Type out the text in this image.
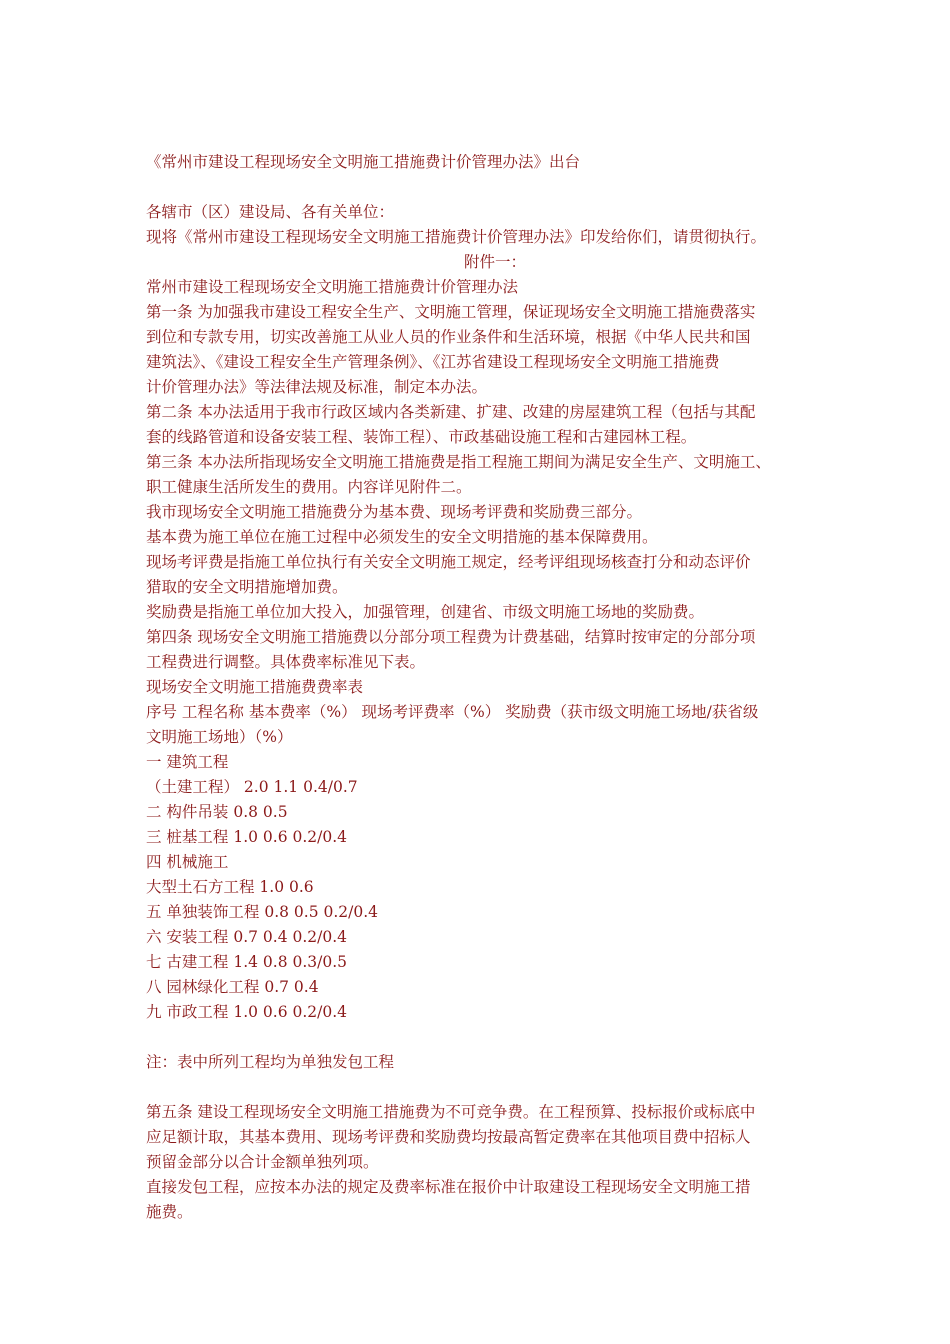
《常州市建设工程现场安全文明施工措施费计价管理办法》出台
各辖市（区）建设局、各有关单位：
现将《常州市建设工程现场安全文明施工措施费计价管理办法》印发给你们，请贯彻执行。
附件一：
常州市建设工程现场安全文明施工措施费计价管理办法
第一条 为加强我市建设工程安全生产、文明施工管理，保证现场安全文明施工措施费落实
到位和专款专用，切实改善施工从业人员的作业条件和生活环境，根据《中华人民共和国
建筑法》、《建设工程安全生产管理条例》、《江苏省建设工程现场安全文明施工措施费
计价管理办法》等法律法规及标准，制定本办法。
第二条 本办法适用于我市行政区域内各类新建、扩建、改建的房屋建筑工程（包括与其配
套的线路管道和设备安装工程、装饰工程）、市政基础设施工程和古建园林工程。
第三条 本办法所指现场安全文明施工措施费是指工程施工期间为满足安全生产、文明施工、
职工健康生活所发生的费用。内容详见附件二。
我市现场安全文明施工措施费分为基本费、现场考评费和奖励费三部分。
基本费为施工单位在施工过程中必须发生的安全文明措施的基本保障费用。
现场考评费是指施工单位执行有关安全文明施工规定，经考评组现场核查打分和动态评价
猎取的安全文明措施增加费。
奖励费是指施工单位加大投入，加强管理，创建省、市级文明施工场地的奖励费。
第四条 现场安全文明施工措施费以分部分项工程费为计费基础，结算时按审定的分部分项
工程费进行调整。具体费率标准见下表。
现场安全文明施工措施费费率表
序号 工程名称 基本费率（%） 现场考评费率（%） 奖励费（获市级文明施工场地/获省级
文明施工场地）（%）
一 建筑工程
（土建工程） 2.0 1.1 0.4/0.7
二 构件吊装 0.8 0.5
三 桩基工程 1.0 0.6 0.2/0.4
四 机械施工
大型土石方工程 1.0 0.6
五 单独装饰工程 0.8 0.5 0.2/0.4
六 安装工程 0.7 0.4 0.2/0.4
七 古建工程 1.4 0.8 0.3/0.5
八 园林绿化工程 0.7 0.4
九 市政工程 1.0 0.6 0.2/0.4
注：表中所列工程均为单独发包工程
第五条 建设工程现场安全文明施工措施费为不可竞争费。在工程预算、投标报价或标底中
应足额计取，其基本费用、现场考评费和奖励费均按最高暂定费率在其他项目费中招标人
预留金部分以合计金额单独列项。
直接发包工程，应按本办法的规定及费率标准在报价中计取建设工程现场安全文明施工措
施费。
